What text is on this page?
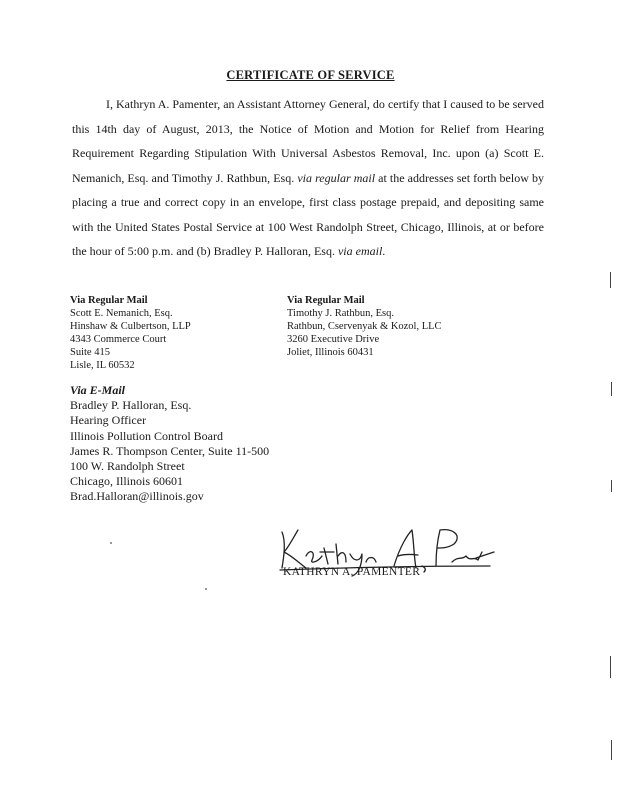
CERTIFICATE OF SERVICE

I, Kathryn A. Pamenter, an Assistant Attorney General, do certify that I caused to be served this 14th day of August, 2013, the Notice of Motion and Motion for Relief from Hearing Requirement Regarding Stipulation With Universal Asbestos Removal, Inc. upon (a) Scott E. Nemanich, Esq. and Timothy J. Rathbun, Esq. via regular mail at the addresses set forth below by placing a true and correct copy in an envelope, first class postage prepaid, and depositing same with the United States Postal Service at 100 West Randolph Street, Chicago, Illinois, at or before the hour of 5:00 p.m. and (b) Bradley P. Halloran, Esq. via email.

Via Regular Mail
Scott E. Nemanich, Esq.
Hinshaw & Culbertson, LLP
4343 Commerce Court
Suite 415
Lisle, IL 60532
Via Regular Mail
Timothy J. Rathbun, Esq.
Rathbun, Cservenyak & Kozol, LLC
3260 Executive Drive
Joliet, Illinois 60431
Via E-Mail
Bradley P. Halloran, Esq.
Hearing Officer
Illinois Pollution Control Board
James R. Thompson Center, Suite 11-500
100 W. Randolph Street
Chicago, Illinois 60601
Brad.Halloran@illinois.gov
KATHRYN A. PAMENTER
